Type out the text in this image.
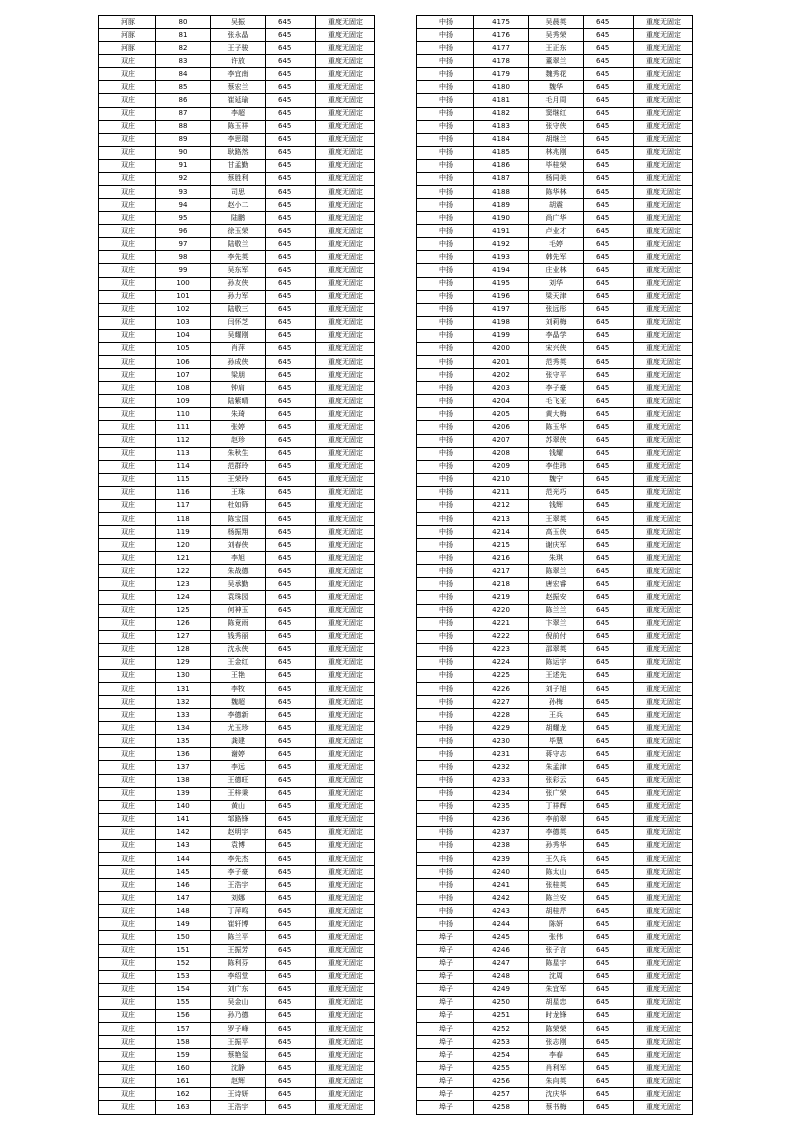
河豚	80	吴振	645	重度无固定
河豚	81	张永晶	645	重度无固定
河豚	82	王子骏	645	重度无固定
双庄	83	许放	645	重度无固定
双庄	84	李宜南	645	重度无固定
双庄	85	蔡宏兰	645	重度无固定
双庄	86	崔延瑜	645	重度无固定
双庄	87	李超	645	重度无固定
双庄	88	陈玉祥	645	重度无固定
双庄	89	李思瑞	645	重度无固定
双庄	90	耿路然	645	重度无固定
双庄	91	甘孟勤	645	重度无固定
双庄	92	蔡胜利	645	重度无固定
双庄	93	司思	645	重度无固定
双庄	94	赵小二	645	重度无固定
双庄	95	陆鹏	645	重度无固定
双庄	96	徐玉荣	645	重度无固定
双庄	97	陆敬兰	645	重度无固定
双庄	98	李先英	645	重度无固定
双庄	99	吴东军	645	重度无固定
双庄	100	孙友侠	645	重度无固定
双庄	101	孙力军	645	重度无固定
双庄	102	陆敬三	645	重度无固定
双庄	103	闫怀芝	645	重度无固定
双庄	104	吴耀刚	645	重度无固定
双庄	105	肖萍	645	重度无固定
双庄	106	孙成侠	645	重度无固定
双庄	107	梁朋	645	重度无固定
双庄	108	钟肩	645	重度无固定
双庄	109	陆紫晴	645	重度无固定
双庄	110	朱琦	645	重度无固定
双庄	111	张婷	645	重度无固定
双庄	112	赵珍	645	重度无固定
双庄	113	朱秋生	645	重度无固定
双庄	114	范群玲	645	重度无固定
双庄	115	王荣玲	645	重度无固定
双庄	116	王珠	645	重度无固定
双庄	117	杜如筛	645	重度无固定
双庄	118	陈宝国	645	重度无固定
双庄	119	杨振翔	645	重度无固定
双庄	120	刘春侠	645	重度无固定
双庄	121	李旭	645	重度无固定
双庄	122	朱战德	645	重度无固定
双庄	123	吴承勤	645	重度无固定
双庄	124	袁珠园	645	重度无固定
双庄	125	何神玉	645	重度无固定
双庄	126	陈竟雨	645	重度无固定
双庄	127	钱秀丽	645	重度无固定
双庄	128	沈永侠	645	重度无固定
双庄	129	王金红	645	重度无固定
双庄	130	王艳	645	重度无固定
双庄	131	李牧	645	重度无固定
双庄	132	魏超	645	重度无固定
双庄	133	李德新	645	重度无固定
双庄	134	尤玉珍	645	重度无固定
双庄	135	龚建	645	重度无固定
双庄	136	谢婷	645	重度无固定
双庄	137	李远	645	重度无固定
双庄	138	王德旺	645	重度无固定
双庄	139	王梓秉	645	重度无固定
双庄	140	黄山	645	重度无固定
双庄	141	邹路锋	645	重度无固定
双庄	142	赵明宇	645	重度无固定
双庄	143	袁博	645	重度无固定
双庄	144	李先杰	645	重度无固定
双庄	145	李子豪	645	重度无固定
双庄	146	王浩宇	645	重度无固定
双庄	147	刘娜	645	重度无固定
双庄	148	丁萍鸣	645	重度无固定
双庄	149	崔轩博	645	重度无固定
双庄	150	陈兰平	645	重度无固定
双庄	151	王振芳	645	重度无固定
双庄	152	陈利芬	645	重度无固定
双庄	153	李绍堂	645	重度无固定
双庄	154	刘广东	645	重度无固定
双庄	155	吴金山	645	重度无固定
双庄	156	孙乃德	645	重度无固定
双庄	157	罗子峰	645	重度无固定
双庄	158	王振平	645	重度无固定
双庄	159	蔡艳玺	645	重度无固定
双庄	160	沈静	645	重度无固定
双庄	161	赵辉	645	重度无固定
双庄	162	王诗妍	645	重度无固定
双庄	163	王浩宇	645	重度无固定
中扬	4175	吴晨英	645	重度无固定
中扬	4176	吴秀荣	645	重度无固定
中扬	4177	王正东	645	重度无固定
中扬	4178	董翠兰	645	重度无固定
中扬	4179	魏秀花	645	重度无固定
中扬	4180	魏华	645	重度无固定
中扬	4181	毛月周	645	重度无固定
中扬	4182	窦继红	645	重度无固定
中扬	4183	张守侠	645	重度无固定
中扬	4184	胡继兰	645	重度无固定
中扬	4185	林兆刚	645	重度无固定
中扬	4186	毕桂荣	645	重度无固定
中扬	4187	杨同美	645	重度无固定
中扬	4188	陈华林	645	重度无固定
中扬	4189	胡震	645	重度无固定
中扬	4190	尚广华	645	重度无固定
中扬	4191	卢业才	645	重度无固定
中扬	4192	毛婷	645	重度无固定
中扬	4193	韩先军	645	重度无固定
中扬	4194	庄业林	645	重度无固定
中扬	4195	刘华	645	重度无固定
中扬	4196	梁天津	645	重度无固定
中扬	4197	张远彤	645	重度无固定
中扬	4198	刘莉梅	645	重度无固定
中扬	4199	李晶学	645	重度无固定
中扬	4200	宋兴侠	645	重度无固定
中扬	4201	范秀英	645	重度无固定
中扬	4202	张守平	645	重度无固定
中扬	4203	李子豪	645	重度无固定
中扬	4204	毛飞亚	645	重度无固定
中扬	4205	黄大梅	645	重度无固定
中扬	4206	陈玉华	645	重度无固定
中扬	4207	苏翠侠	645	重度无固定
中扬	4208	钱耀	645	重度无固定
中扬	4209	李佳玮	645	重度无固定
中扬	4210	魏宁	645	重度无固定
中扬	4211	范光巧	645	重度无固定
中扬	4212	钱辉	645	重度无固定
中扬	4213	王翠英	645	重度无固定
中扬	4214	高玉侠	645	重度无固定
中扬	4215	谢庆军	645	重度无固定
中扬	4216	朱琪	645	重度无固定
中扬	4217	陈翠兰	645	重度无固定
中扬	4218	唐宏睿	645	重度无固定
中扬	4219	赵振安	645	重度无固定
中扬	4220	陈兰兰	645	重度无固定
中扬	4221	卞翠兰	645	重度无固定
中扬	4222	倪前付	645	重度无固定
中扬	4223	邵翠英	645	重度无固定
中扬	4224	陈运宇	645	重度无固定
中扬	4225	王述先	645	重度无固定
中扬	4226	刘子旭	645	重度无固定
中扬	4227	孙梅	645	重度无固定
中扬	4228	王兵	645	重度无固定
中扬	4229	胡耀龙	645	重度无固定
中扬	4230	毕慧	645	重度无固定
中扬	4231	蒋守志	645	重度无固定
中扬	4232	朱孟津	645	重度无固定
中扬	4233	张彩云	645	重度无固定
中扬	4234	张广荣	645	重度无固定
中扬	4235	丁祥辉	645	重度无固定
中扬	4236	李前翠	645	重度无固定
中扬	4237	李德英	645	重度无固定
中扬	4238	孙秀华	645	重度无固定
中扬	4239	王久兵	645	重度无固定
中扬	4240	陈太山	645	重度无固定
中扬	4241	张桂英	645	重度无固定
中扬	4242	陈兰安	645	重度无固定
中扬	4243	胡桂芹	645	重度无固定
中扬	4244	陈妍	645	重度无固定
埠子	4245	张伟	645	重度无固定
埠子	4246	张子言	645	重度无固定
埠子	4247	陈星宇	645	重度无固定
埠子	4248	沈周	645	重度无固定
埠子	4249	朱宜军	645	重度无固定
埠子	4250	胡星忠	645	重度无固定
埠子	4251	时龙锋	645	重度无固定
埠子	4252	陈荣荣	645	重度无固定
埠子	4253	张志刚	645	重度无固定
埠子	4254	李春	645	重度无固定
埠子	4255	肖利军	645	重度无固定
埠子	4256	朱向英	645	重度无固定
埠子	4257	沈庆华	645	重度无固定
埠子	4258	蔡书梅	645	重度无固定
